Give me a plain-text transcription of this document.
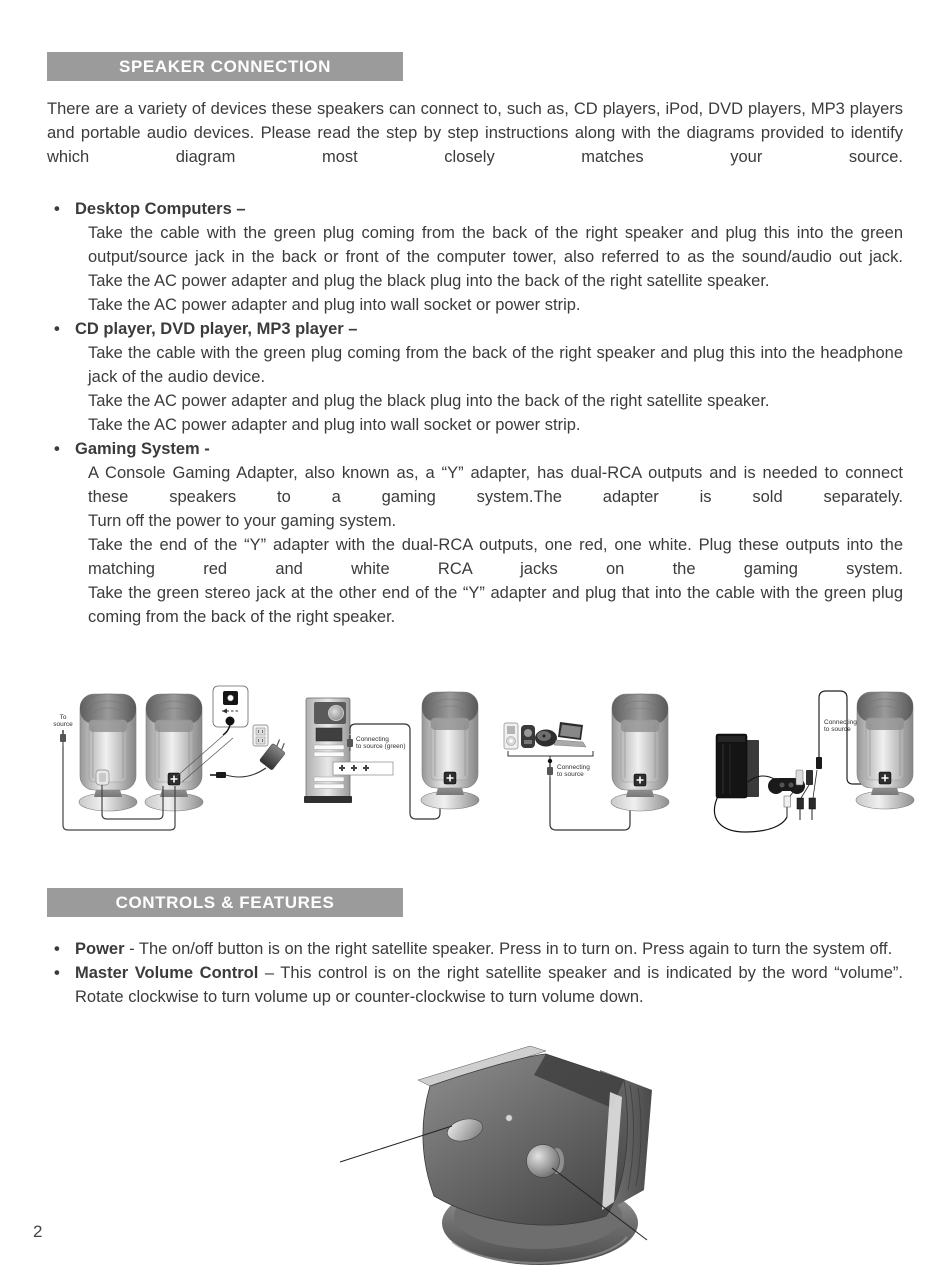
SPEAKER CONNECTION

There are a variety of devices these speakers can connect to, such as, CD players, iPod, DVD players, MP3 players and portable audio devices. Please read the step by step instructions along with the diagrams provided to identify which diagram most closely matches your source.

• Desktop Computers –

Take the cable with the green plug coming from the back of the right speaker and plug this into the green output/source jack in the back or front of the computer tower, also referred to as the sound/audio out jack.

Take the AC power adapter and plug the black plug into the back of the right satellite speaker.

Take the AC power adapter and plug into wall socket or power strip.

• CD player, DVD player, MP3 player –

Take the cable with the green plug coming from the back of the right speaker and plug this into the headphone jack of the audio device.

Take the AC power adapter and plug the black plug into the back of the right satellite speaker.

Take the AC power adapter and plug into wall socket or power strip.

• Gaming System -

A Console Gaming Adapter, also known as, a “Y” adapter, has dual-RCA outputs and is needed to connect these speakers to a gaming system.The adapter is sold separately.

Turn off the power to your gaming system.

Take the end of the “Y” adapter with the dual-RCA outputs, one red, one white. Plug these outputs into the matching red and white RCA jacks on the gaming system.

Take the green stereo jack at the other end of the “Y” adapter and plug that into the cable with the green plug coming from the back of the right speaker.

To
source
Connecting
to source (green)
Connecting
to source
Connecting
to source
CONTROLS & FEATURES
• Power - The on/off button is on the right satellite speaker. Press in to turn on. Press again to turn the system off.

• Master Volume Control – This control is on the right satellite speaker and is indicated by the word “volume”. Rotate clockwise to turn volume up or counter-clockwise to turn volume down.

2
